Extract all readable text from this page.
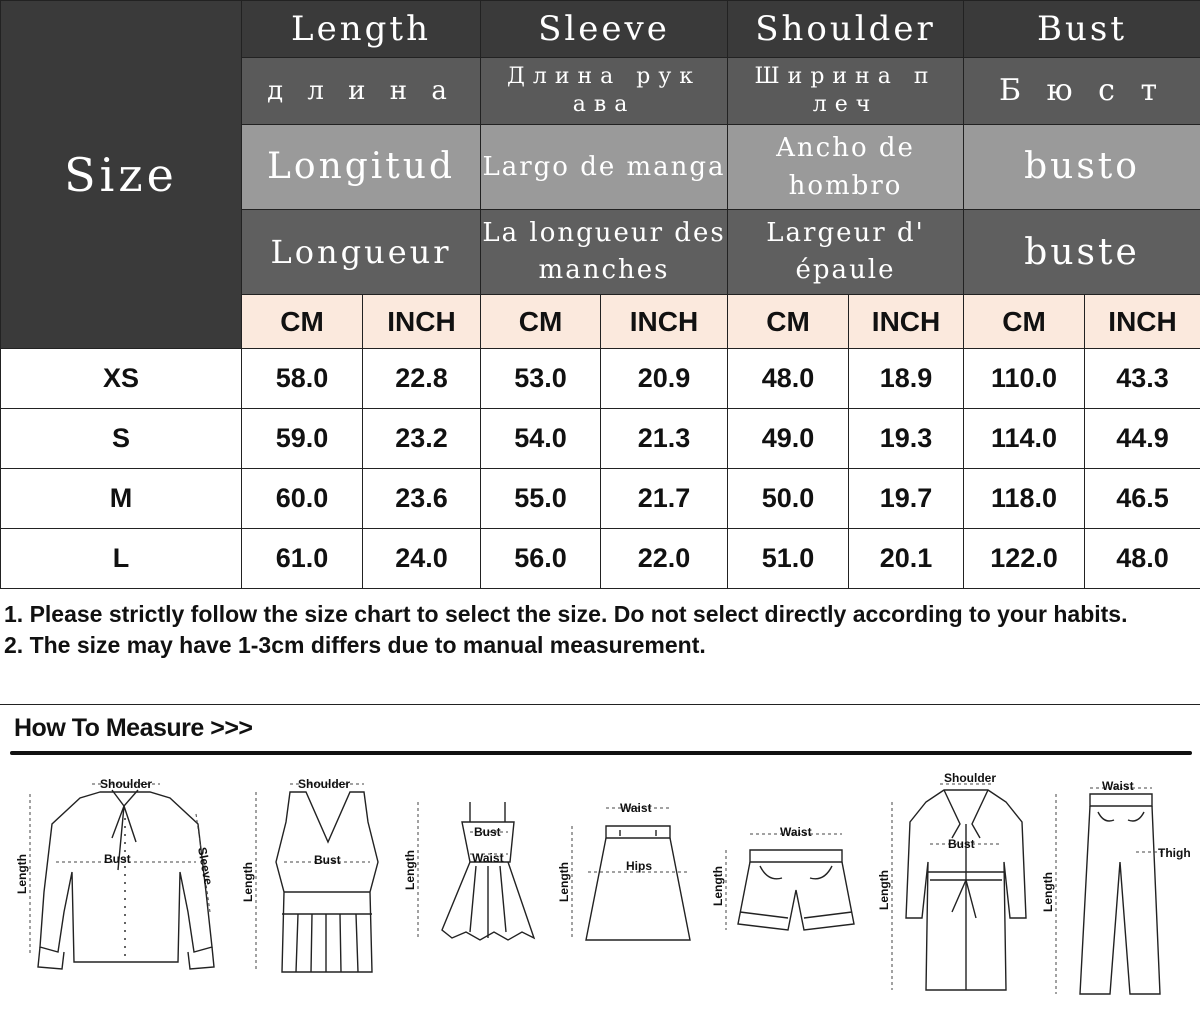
Size	Length		Sleeve		Shoulder		Bust	
	д л и н а		Длина рук ава		Ширина п леч		Б ю с т	
	Longitud		Largo de manga		Ancho de hombro		busto	
	Longueur		La longueur des manches		Largeur d' épaule		buste	
	CM	INCH	CM	INCH	CM	INCH	CM	INCH
XS	58.0	22.8	53.0	20.9	48.0	18.9	110.0	43.3
S	59.0	23.2	54.0	21.3	49.0	19.3	114.0	44.9
M	60.0	23.6	55.0	21.7	50.0	19.7	118.0	46.5
L	61.0	24.0	56.0	22.0	51.0	20.1	122.0	48.0
1. Please strictly follow the size chart to select the size. Do not select directly according to your habits.
2. The size may have 1-3cm differs due to manual measurement.
How To Measure >>>
Shoulder
Bust	Sleeve
Length
Shoulder
Bust
Length
Bust
Waist
Length
Waist
Hips
Length
Waist
Length
Shoulder
Bust
Length
Waist
Thigh
Length
